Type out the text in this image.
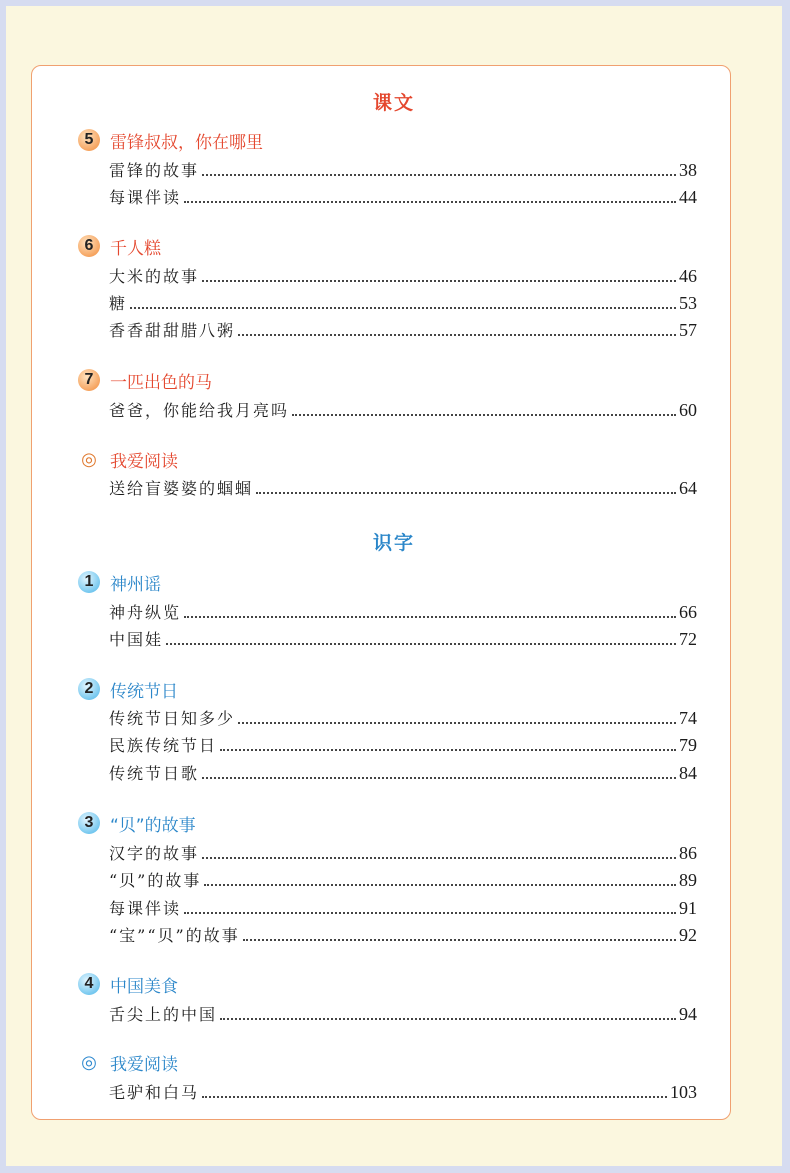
课文
5 雷锋叔叔，你在哪里
雷锋的故事	38
每课伴读	44
6 千人糕
大米的故事	46
糖	53
香香甜甜腊八粥	57
7 一匹出色的马
爸爸，你能给我月亮吗	60
◎ 我爱阅读
送给盲婆婆的蝈蝈	64
识字
1 神州谣
神舟纵览	66
中国娃	72
2 传统节日
传统节日知多少	74
民族传统节日	79
传统节日歌	84
3 “贝”的故事
汉字的故事	86
“贝”的故事	89
每课伴读	91
“宝”“贝”的故事	92
4 中国美食
舌尖上的中国	94
◎ 我爱阅读
毛驴和白马	103
